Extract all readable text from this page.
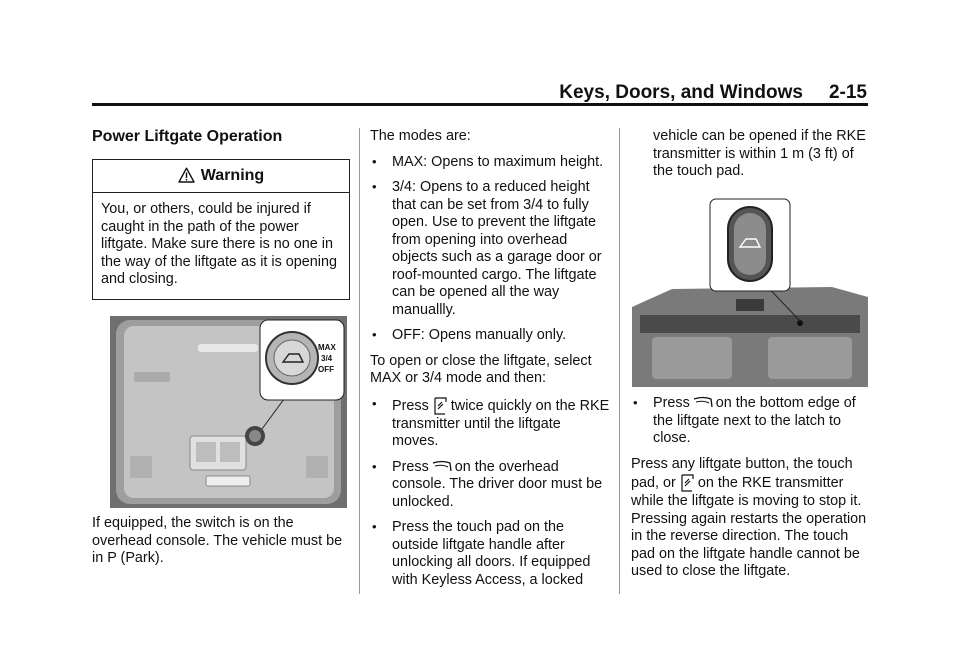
Keys, Doors, and Windows 2-15
Power Liftgate Operation
Warning
You, or others, could be injured if caught in the path of the power liftgate. Make sure there is no one in the way of the liftgate as it is opening and closing.
MAX
3/4
OFF
If equipped, the switch is on the overhead console. The vehicle must be in P (Park).

The modes are:

• MAX: Opens to maximum height.
• 3/4: Opens to a reduced height that can be set from 3/4 to fully open. Use to prevent the liftgate from opening into overhead objects such as a garage door or roof-mounted cargo. The liftgate can be opened all the way manuallly.
• OFF: Opens manually only.

To open or close the liftgate, select MAX or 3/4 mode and then:

• Press twice quickly on the RKE transmitter until the liftgate moves.
• Press on the overhead console. The driver door must be unlocked.
• Press the touch pad on the outside liftgate handle after unlocking all doors. If equipped with Keyless Access, a locked
vehicle can be opened if the RKE transmitter is within 1 m (3 ft) of the touch pad.
• Press on the bottom edge of the liftgate next to the latch to close.

Press any liftgate button, the touch pad, or on the RKE transmitter while the liftgate is moving to stop it. Pressing again restarts the operation in the reverse direction. The touch pad on the liftgate handle cannot be used to close the liftgate.
